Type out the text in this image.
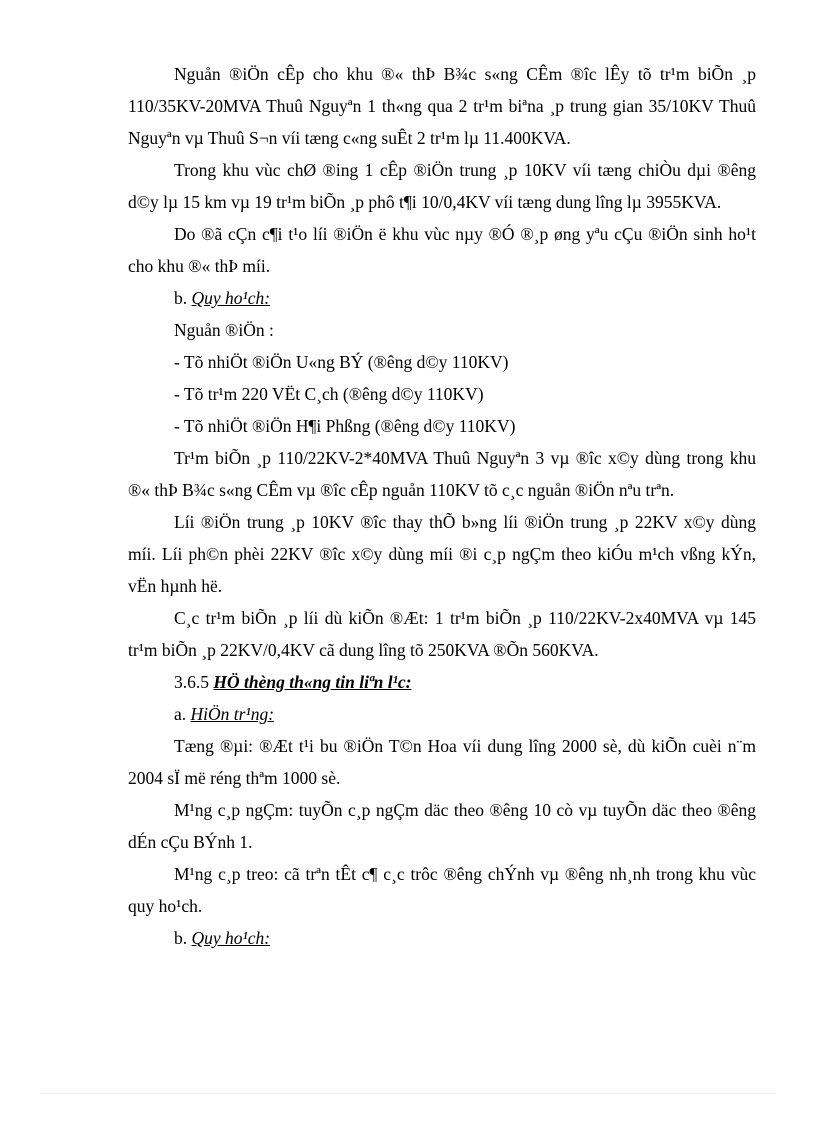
Nguån ®iÖn cÊp cho khu ®« thÞ B¾c s«ng CÊm ®îc lÊy tõ tr¹m biÕn ¸p 110/35KV-20MVA Thuû Nguyªn 1 th«ng qua 2 tr¹m biªna ¸p trung gian 35/10KV Thuû Nguyªn vµ Thuû S¬n víi tæng c«ng suÊt 2 tr¹m lµ 11.400KVA.

Trong khu vùc chØ ®ing 1 cÊp ®iÖn trung ¸p 10KV víi tæng chiÒu dµi ®êng d©y lµ 15 km vµ 19 tr¹m biÕn ¸p phô t¶i 10/0,4KV víi tæng dung lîng lµ 3955KVA.

Do ®ã cÇn c¶i t¹o líi ®iÖn ë khu vùc nµy ®Ó ®¸p øng yªu cÇu ®iÖn sinh ho¹t cho khu ®« thÞ míi.

b. Quy ho¹ch:

Nguån ®iÖn :

- Tõ nhiÖt ®iÖn U«ng BÝ (®êng d©y 110KV)

- Tõ tr¹m 220 VËt C¸ch (®êng d©y 110KV)

- Tõ nhiÖt ®iÖn H¶i Phßng (®êng d©y 110KV)

Tr¹m biÕn ¸p 110/22KV-2*40MVA Thuû Nguyªn 3 vµ ®îc x©y dùng trong khu ®« thÞ B¾c s«ng CÊm vµ ®îc cÊp nguån 110KV tõ c¸c nguån ®iÖn nªu trªn.

Líi ®iÖn trung ¸p 10KV ®îc thay thÕ b»ng líi ®iÖn trung ¸p 22KV x©y dùng míi. Líi ph©n phèi 22KV ®îc x©y dùng míi ®i c¸p ngÇm theo kiÓu m¹ch vßng kÝn, vËn hµnh hë.

C¸c tr¹m biÕn ¸p líi dù kiÕn ®Æt: 1 tr¹m biÕn ¸p 110/22KV-2x40MVA vµ 145 tr¹m biÕn ¸p 22KV/0,4KV cã dung lîng tõ 250KVA ®Õn 560KVA.

3.6.5 HÖ thèng th«ng tin liªn l¹c:

a. HiÖn tr¹ng:

Tæng ®µi: ®Æt t¹i bu ®iÖn T©n Hoa víi dung lîng 2000 sè, dù kiÕn cuèi n¨m 2004 sÏ më réng thªm 1000 sè.

M¹ng c¸p ngÇm: tuyÕn c¸p ngÇm däc theo ®êng 10 cò vµ tuyÕn däc theo ®êng dÉn cÇu BÝnh 1.

M¹ng c¸p treo: cã trªn tÊt c¶ c¸c trôc ®êng chÝnh vµ ®êng nh¸nh trong khu vùc quy ho¹ch.

b. Quy ho¹ch:
